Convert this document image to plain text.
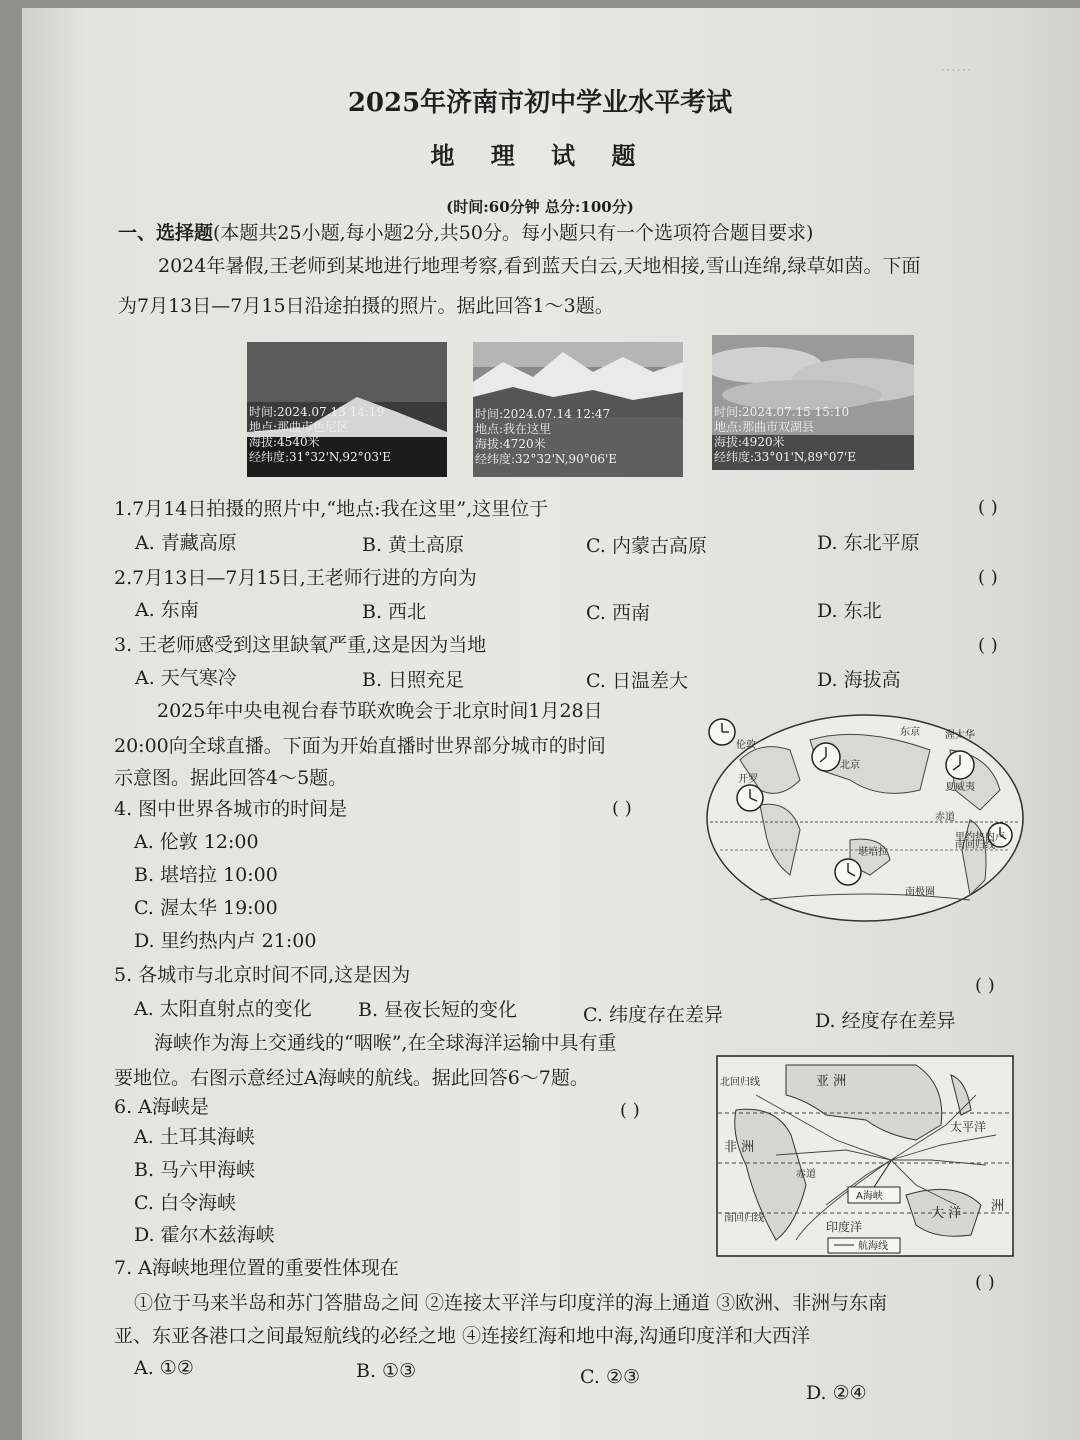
⋯⋯
2025年济南市初中学业水平考试
地 理 试 题
(时间:60分钟 总分:100分)
一、选择题(本题共25小题,每小题2分,共50分。每小题只有一个选项符合题目要求)
2024年暑假,王老师到某地进行地理考察,看到蓝天白云,天地相接,雪山连绵,绿草如茵。下面
为7月13日—7月15日沿途拍摄的照片。据此回答1～3题。
时间:2024.07.13 14:19
地点:那曲市色尼区
海拔:4540米
经纬度:31°32'N,92°03'E
时间:2024.07.14 12:47
地点:我在这里
海拔:4720米
经纬度:32°32'N,90°06'E
时间:2024.07.15 15:10
地点:那曲市双湖县
海拔:4920米
经纬度:33°01'N,89°07'E
1.7月14日拍摄的照片中,“地点:我在这里”,这里位于	( )
A. 青藏高原	B. 黄土高原	C. 内蒙古高原	D. 东北平原
2.7月13日—7月15日,王老师行进的方向为	( )
A. 东南	B. 西北	C. 西南	D. 东北
3. 王老师感受到这里缺氧严重,这是因为当地	( )
A. 天气寒冷	B. 日照充足	C. 日温差大	D. 海拔高
2025年中央电视台春节联欢晚会于北京时间1月28日
20:00向全球直播。下面为开始直播时世界部分城市的时间
示意图。据此回答4～5题。
伦敦
开罗
北京
东京	渥太华
里约热内卢
堪培拉
夏威夷
赤道
南回归线
南极圈
4. 图中世界各城市的时间是	( )
A. 伦敦 12:00
B. 堪培拉 10:00
C. 渥太华 19:00
D. 里约热内卢 21:00
5. 各城市与北京时间不同,这是因为	( )
A. 太阳直射点的变化 B. 昼夜长短的变化	C. 纬度存在差异	D. 经度存在差异
海峡作为海上交通线的“咽喉”,在全球海洋运输中具有重
要地位。右图示意经过A海峡的航线。据此回答6～7题。
A海峡
北回归线	亚 洲
太平洋
非 洲
赤道
南回归线
印度洋
大 洋 洲
航海线
6. A海峡是	( )
A. 土耳其海峡
B. 马六甲海峡
C. 白令海峡
D. 霍尔木兹海峡
7. A海峡地理位置的重要性体现在
( )
①位于马来半岛和苏门答腊岛之间 ②连接太平洋与印度洋的海上通道 ③欧洲、非洲与东南
亚、东亚各港口之间最短航线的必经之地 ④连接红海和地中海,沟通印度洋和大西洋
A. ①②	B. ①③	C. ②③
D. ②④
